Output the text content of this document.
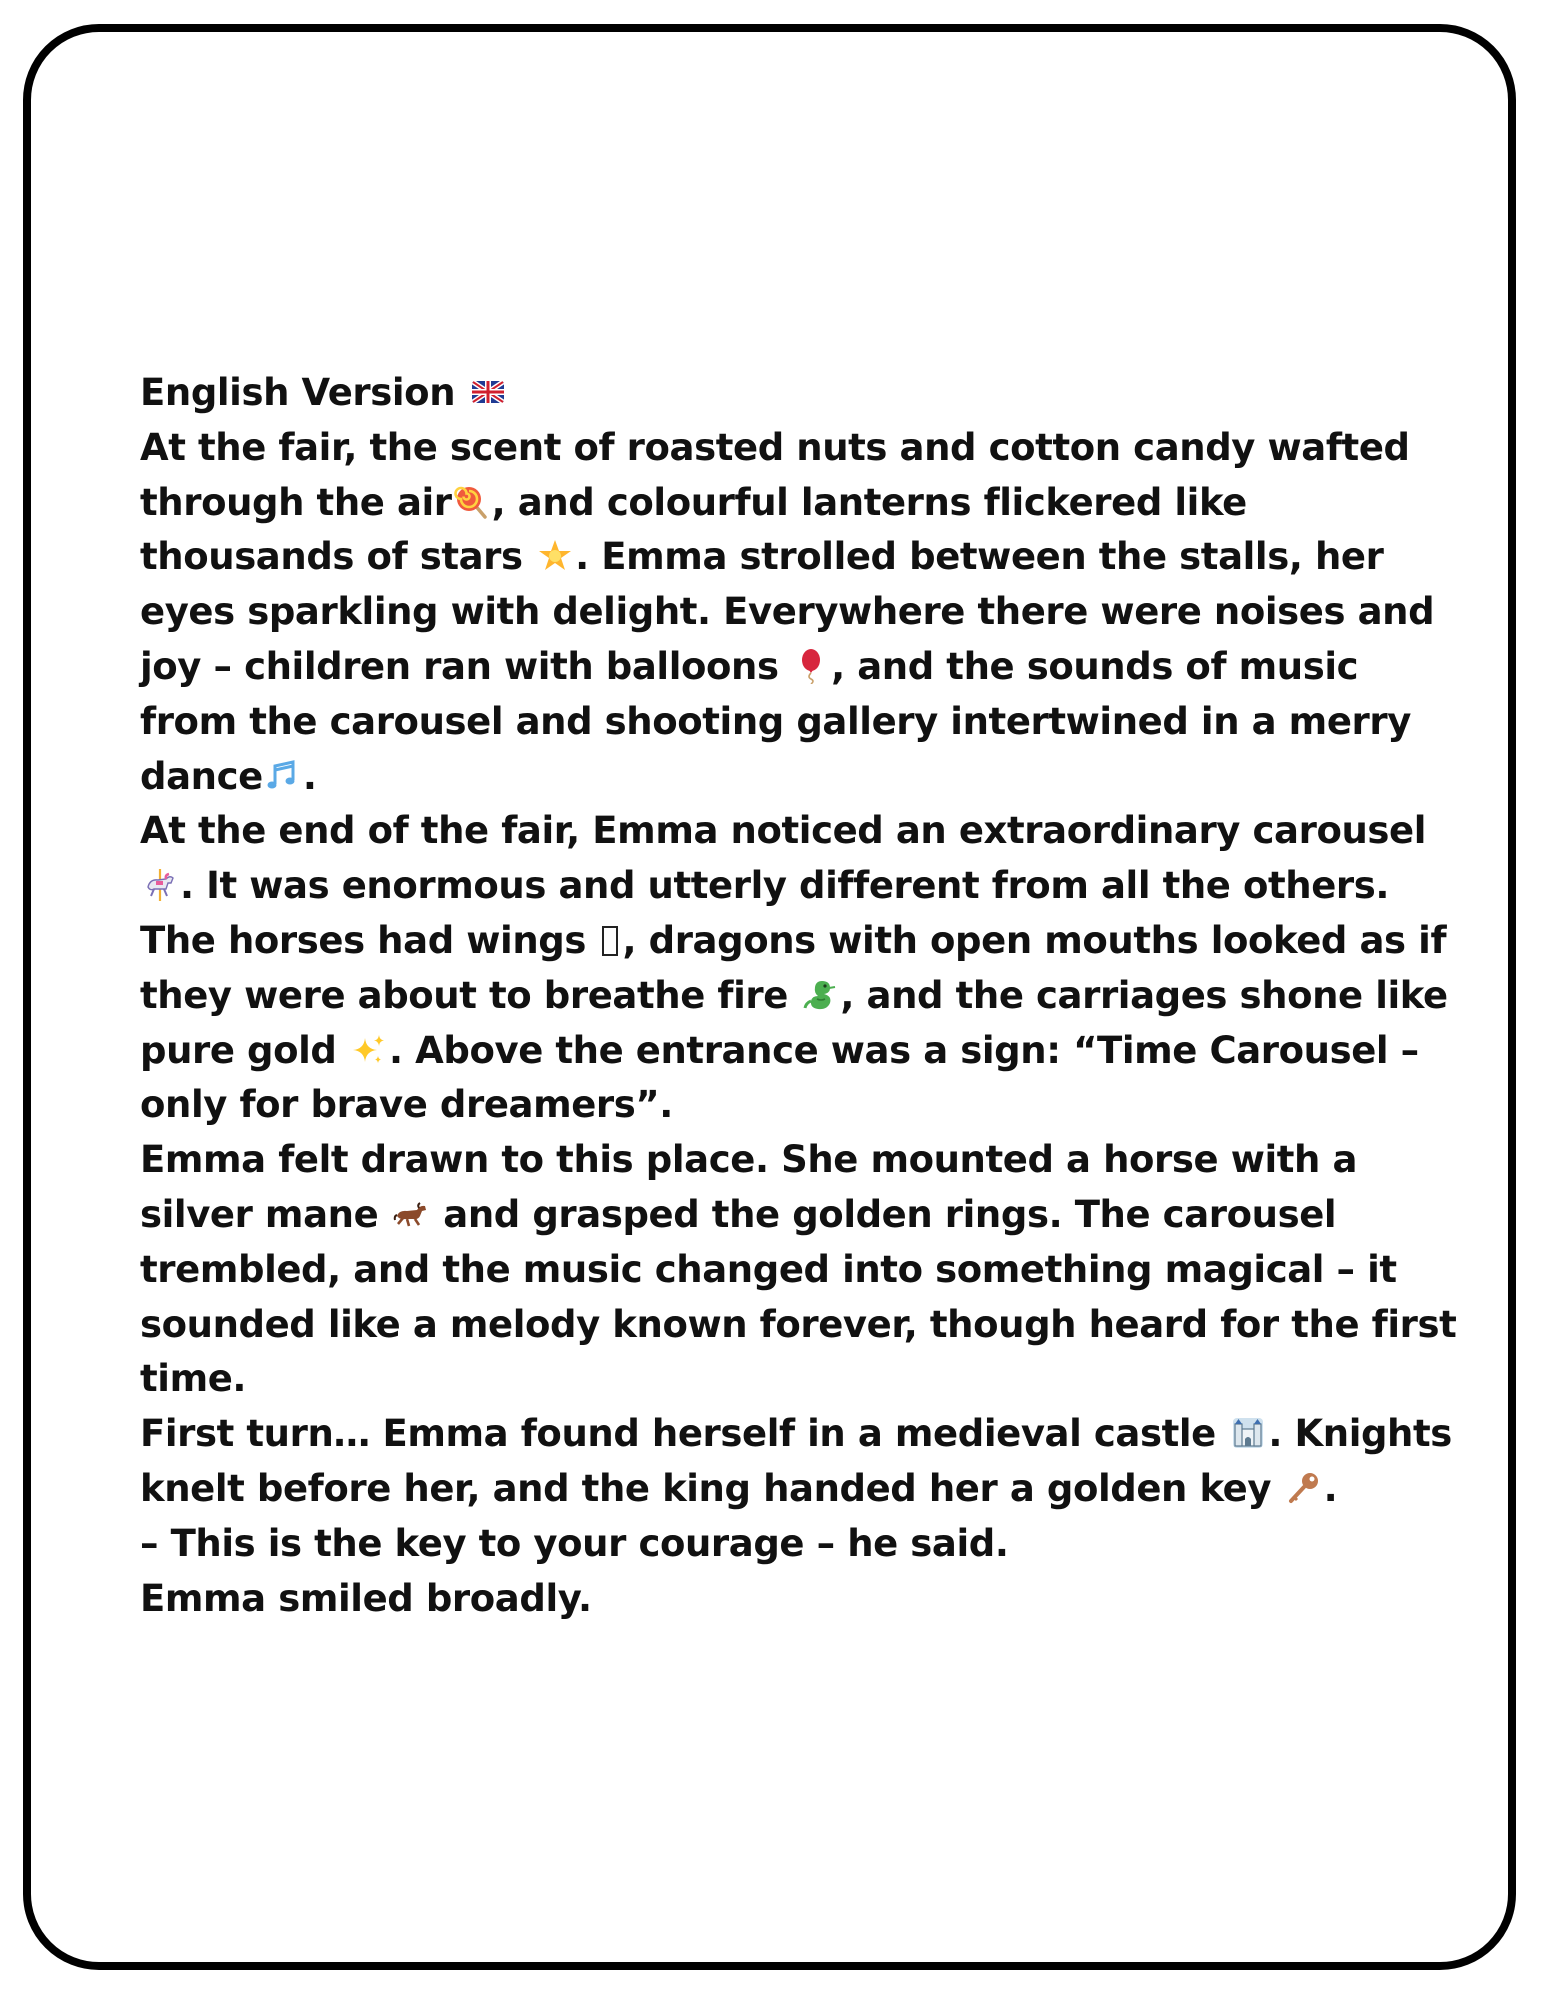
English Version
At the fair, the scent of roasted nuts and cotton candy wafted
through the air , and colourful lanterns flickered like
thousands of stars
. Emma strolled between the stalls, her
eyes sparkling with delight. Everywhere there were noises and
joy – children ran with balloons
, and the sounds of music
from the carousel and shooting gallery intertwined in a merry
dance .
At the end of the fair, Emma noticed an extraordinary carousel
. It was enormous and utterly different from all the others.
The horses had wings , dragons with open mouths looked as if
they were about to breathe fire
, and the carriages shone like
pure gold
. Above the entrance was a sign: “Time Carousel –
only for brave dreamers”.
Emma felt drawn to this place. She mounted a horse with a
silver mane
and grasped the golden rings. The carousel
trembled, and the music changed into something magical – it
sounded like a melody known forever, though heard for the first
time.
First turn… Emma found herself in a medieval castle
. Knights
knelt before her, and the king handed her a golden key
.
– This is the key to your courage – he said.
Emma smiled broadly.
